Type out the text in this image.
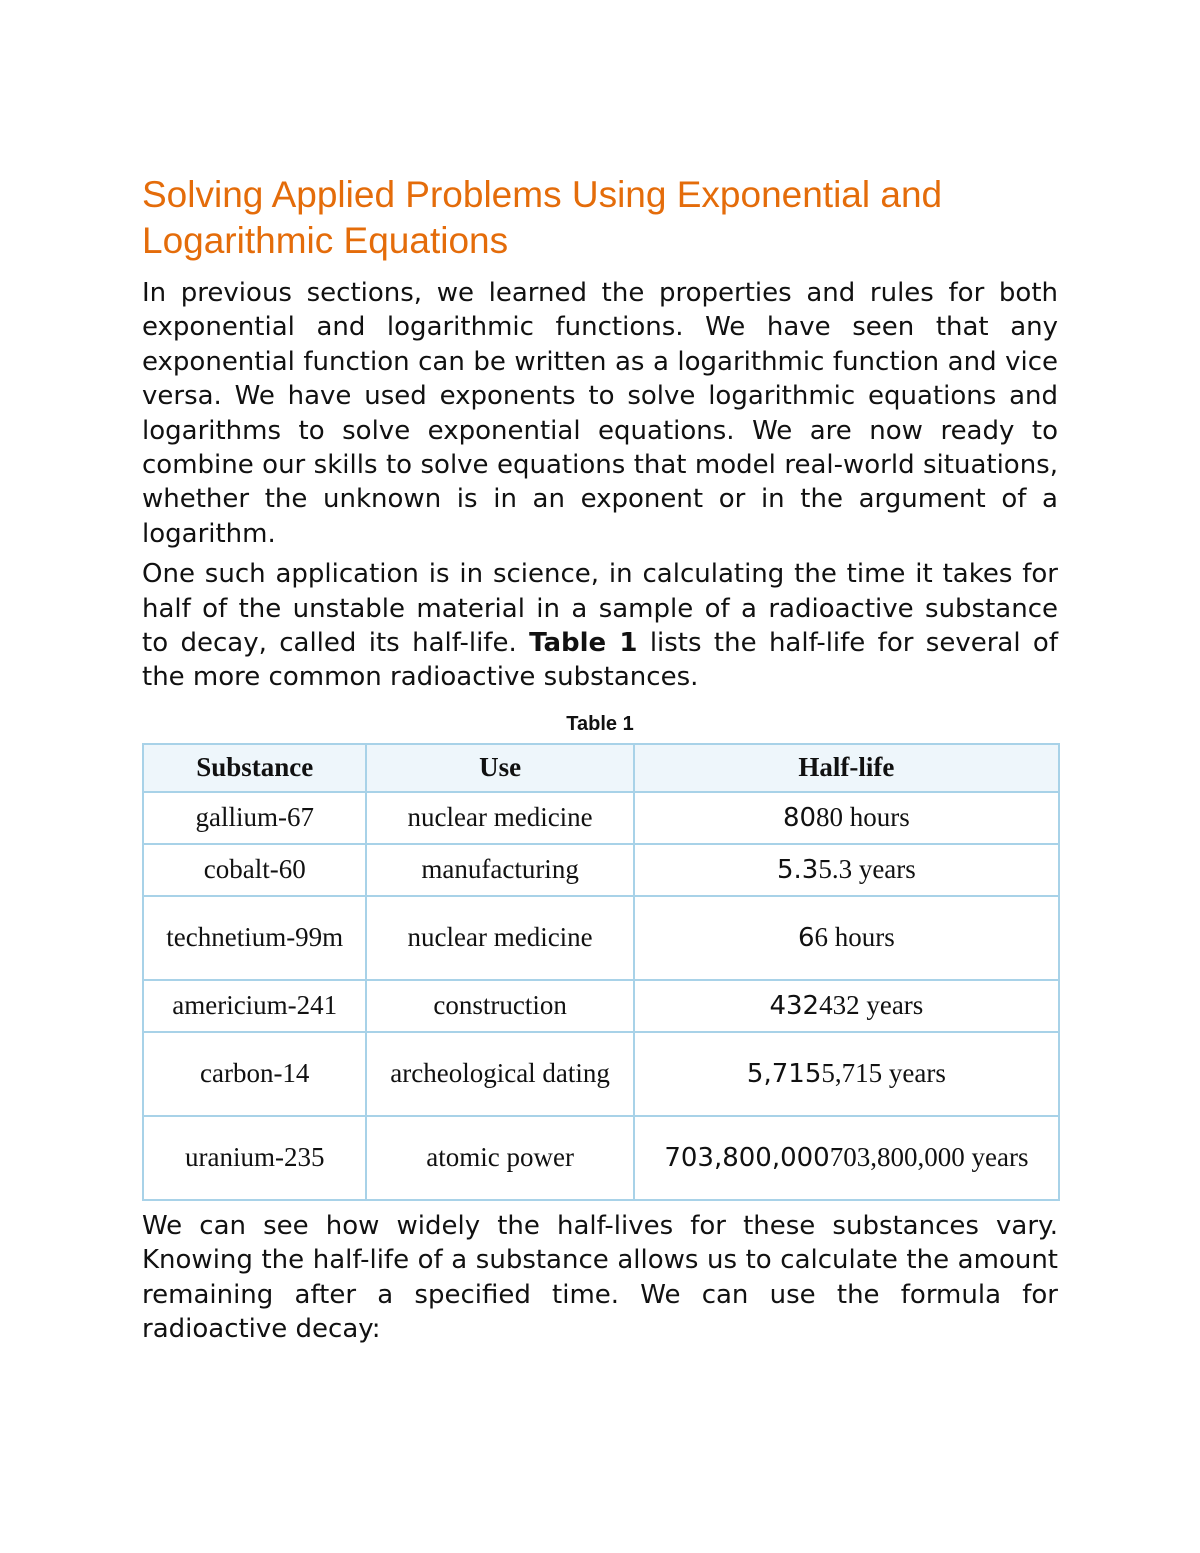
Solving Applied Problems Using Exponential and Logarithmic Equations

In previous sections, we learned the properties and rules for both exponential and logarithmic functions. We have seen that any exponential function can be written as a logarithmic function and vice versa. We have used exponents to solve logarithmic equations and logarithms to solve exponential equations. We are now ready to combine our skills to solve equations that model real-world situations, whether the unknown is in an exponent or in the argument of a logarithm.

One such application is in science, in calculating the time it takes for half of the unstable material in a sample of a radioactive substance to decay, called its half-life. Table 1 lists the half-life for several of the more common radioactive substances.

Table 1
Substance	Use	Half-life
gallium-67	nuclear medicine	8080 hours
cobalt-60	manufacturing	5.35.3 years
technetium-99m	nuclear medicine	66 hours
americium-241	construction	432432 years
carbon-14	archeological dating	5,7155,715 years
uranium-235	atomic power	703,800,000703,800,000 years

We can see how widely the half-lives for these substances vary. Knowing the half-life of a substance allows us to calculate the amount remaining after a specified time. We can use the formula for radioactive decay:
